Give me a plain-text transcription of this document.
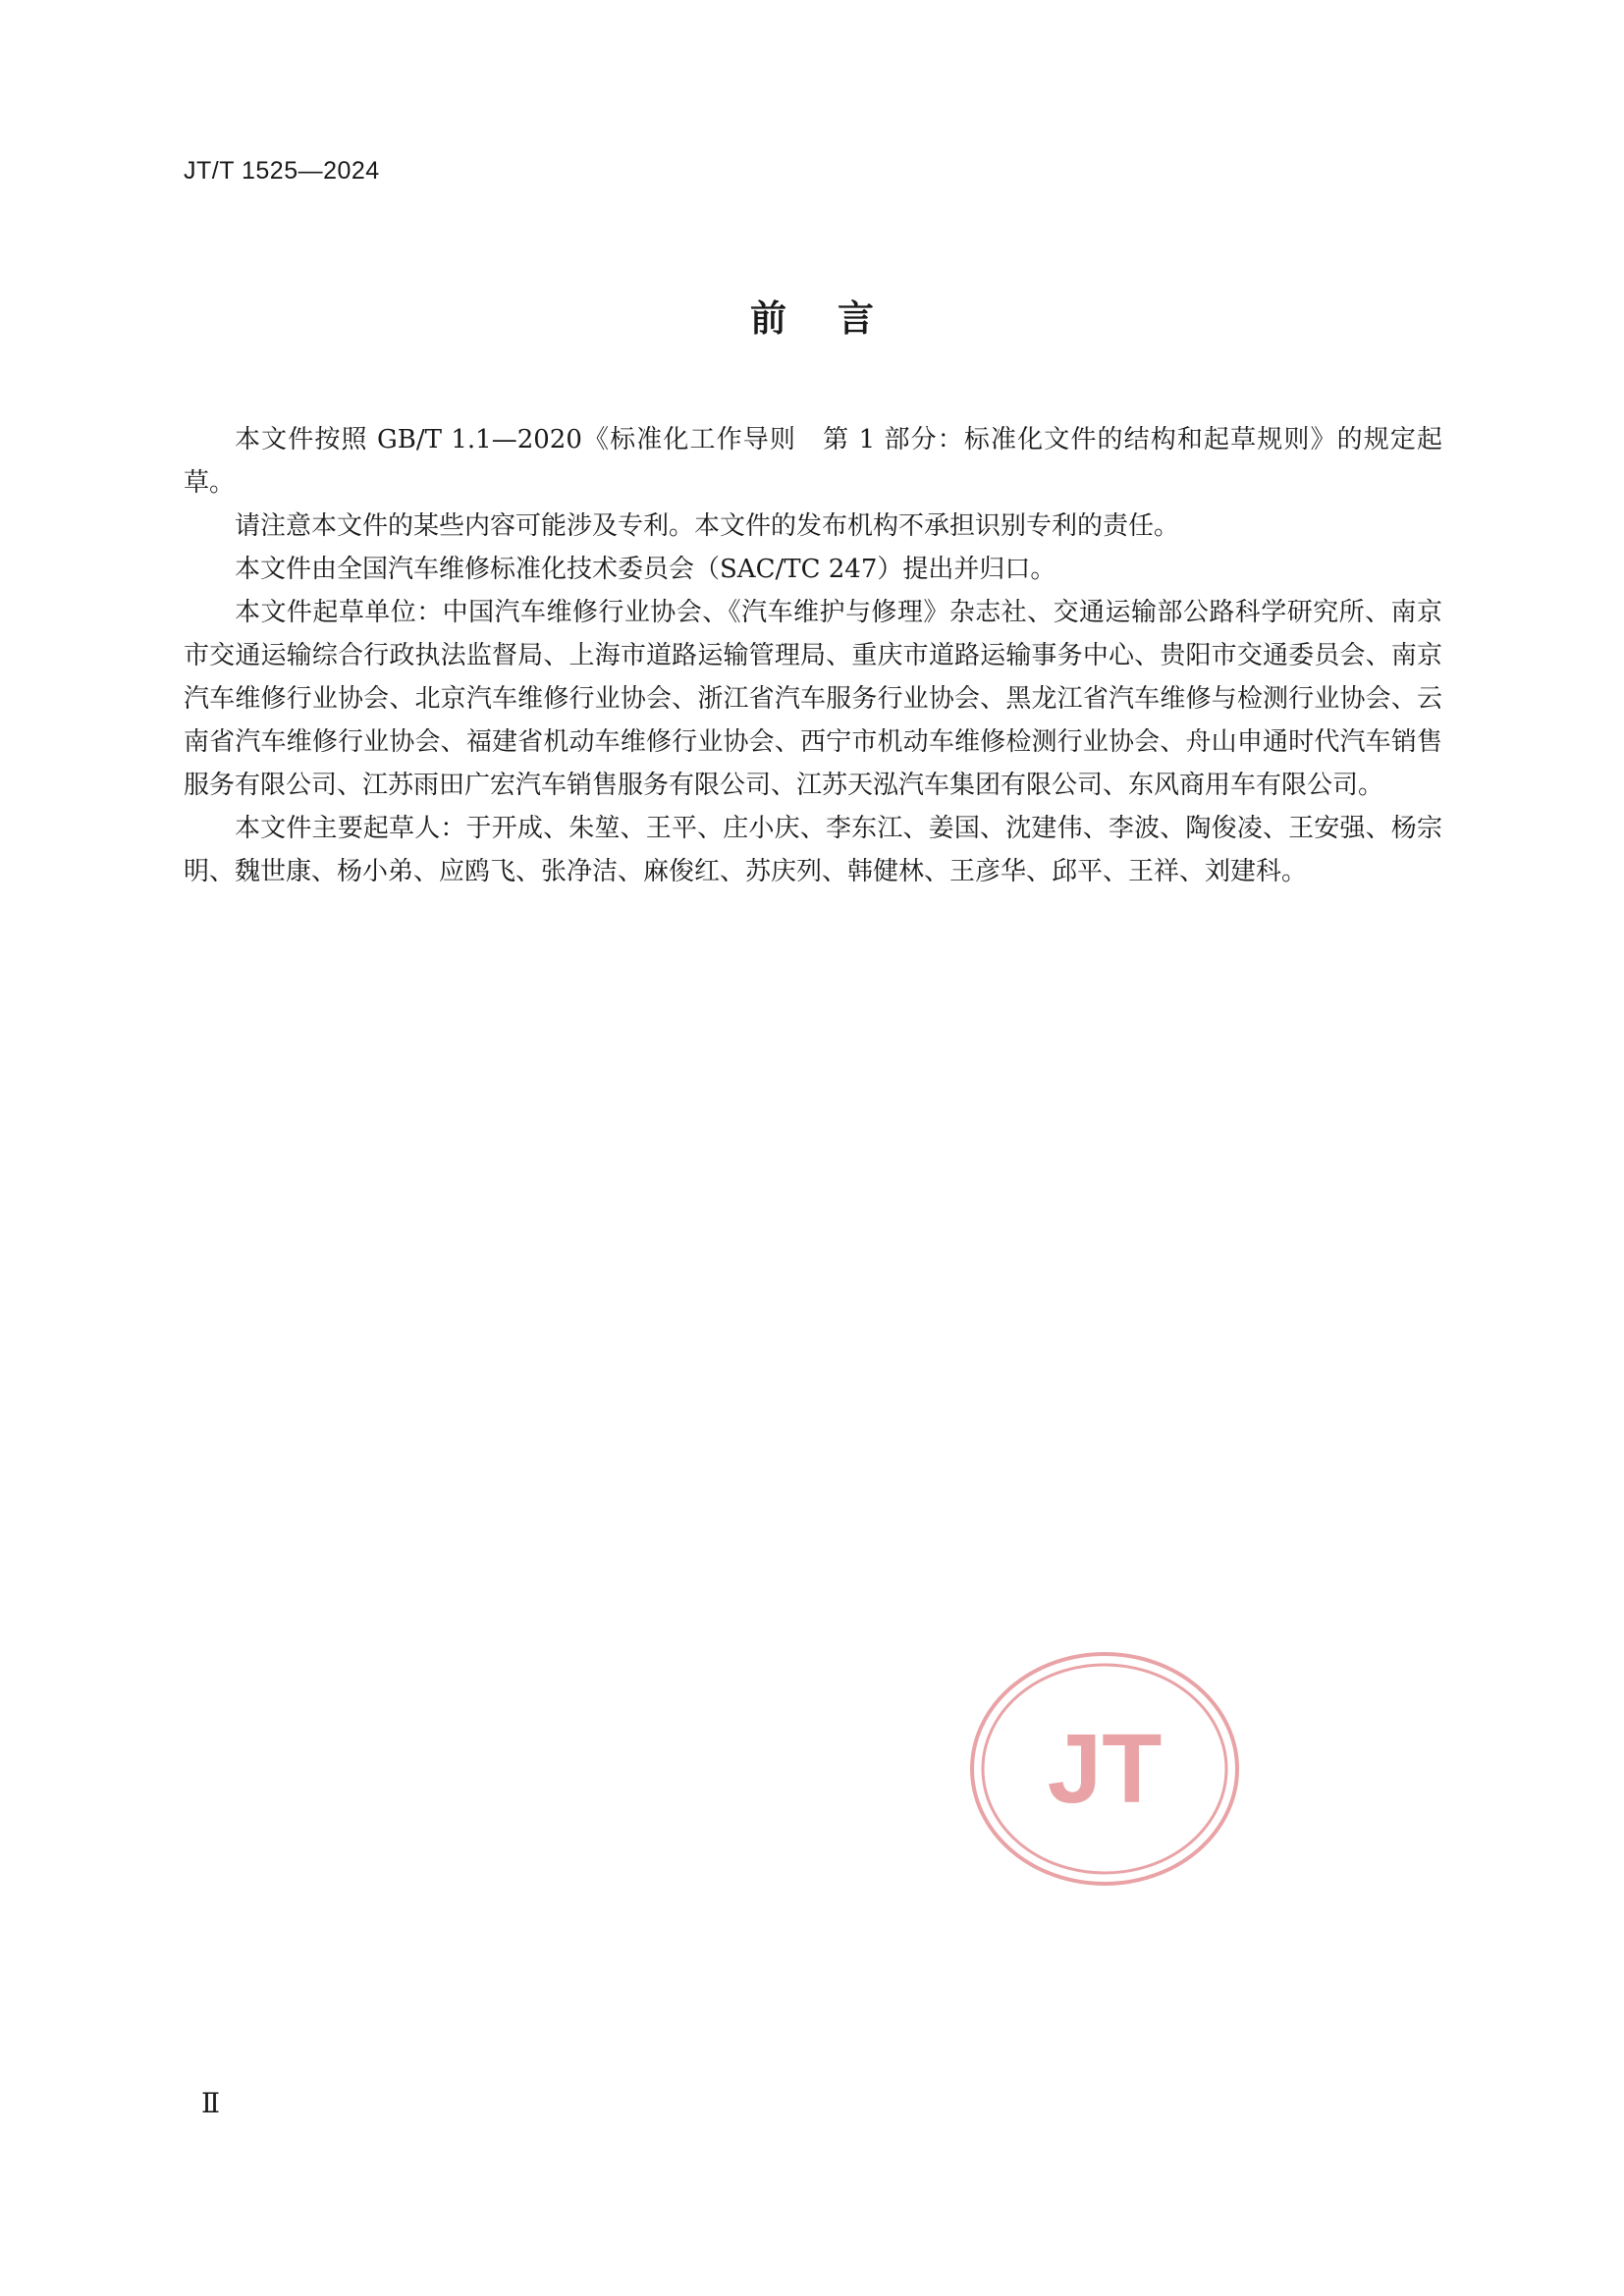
JT/T 1525—2024
前言

本文件按照 GB/T 1.1—2020《标准化工作导则　第 1 部分：标准化文件的结构和起草规则》的规定起草。

请注意本文件的某些内容可能涉及专利。本文件的发布机构不承担识别专利的责任。

本文件由全国汽车维修标准化技术委员会（SAC/TC 247）提出并归口。

本文件起草单位：中国汽车维修行业协会、《汽车维护与修理》杂志社、交通运输部公路科学研究所、南京市交通运输综合行政执法监督局、上海市道路运输管理局、重庆市道路运输事务中心、贵阳市交通委员会、南京汽车维修行业协会、北京汽车维修行业协会、浙江省汽车服务行业协会、黑龙江省汽车维修与检测行业协会、云南省汽车维修行业协会、福建省机动车维修行业协会、西宁市机动车维修检测行业协会、舟山申通时代汽车销售服务有限公司、江苏雨田广宏汽车销售服务有限公司、江苏天泓汽车集团有限公司、东风商用车有限公司。

本文件主要起草人：于开成、朱堃、王平、庄小庆、李东江、姜国、沈建伟、李波、陶俊凌、王安强、杨宗明、魏世康、杨小弟、应鸥飞、张净洁、麻俊红、苏庆列、韩健林、王彦华、邱平、王祥、刘建科。

JT
Ⅱ
